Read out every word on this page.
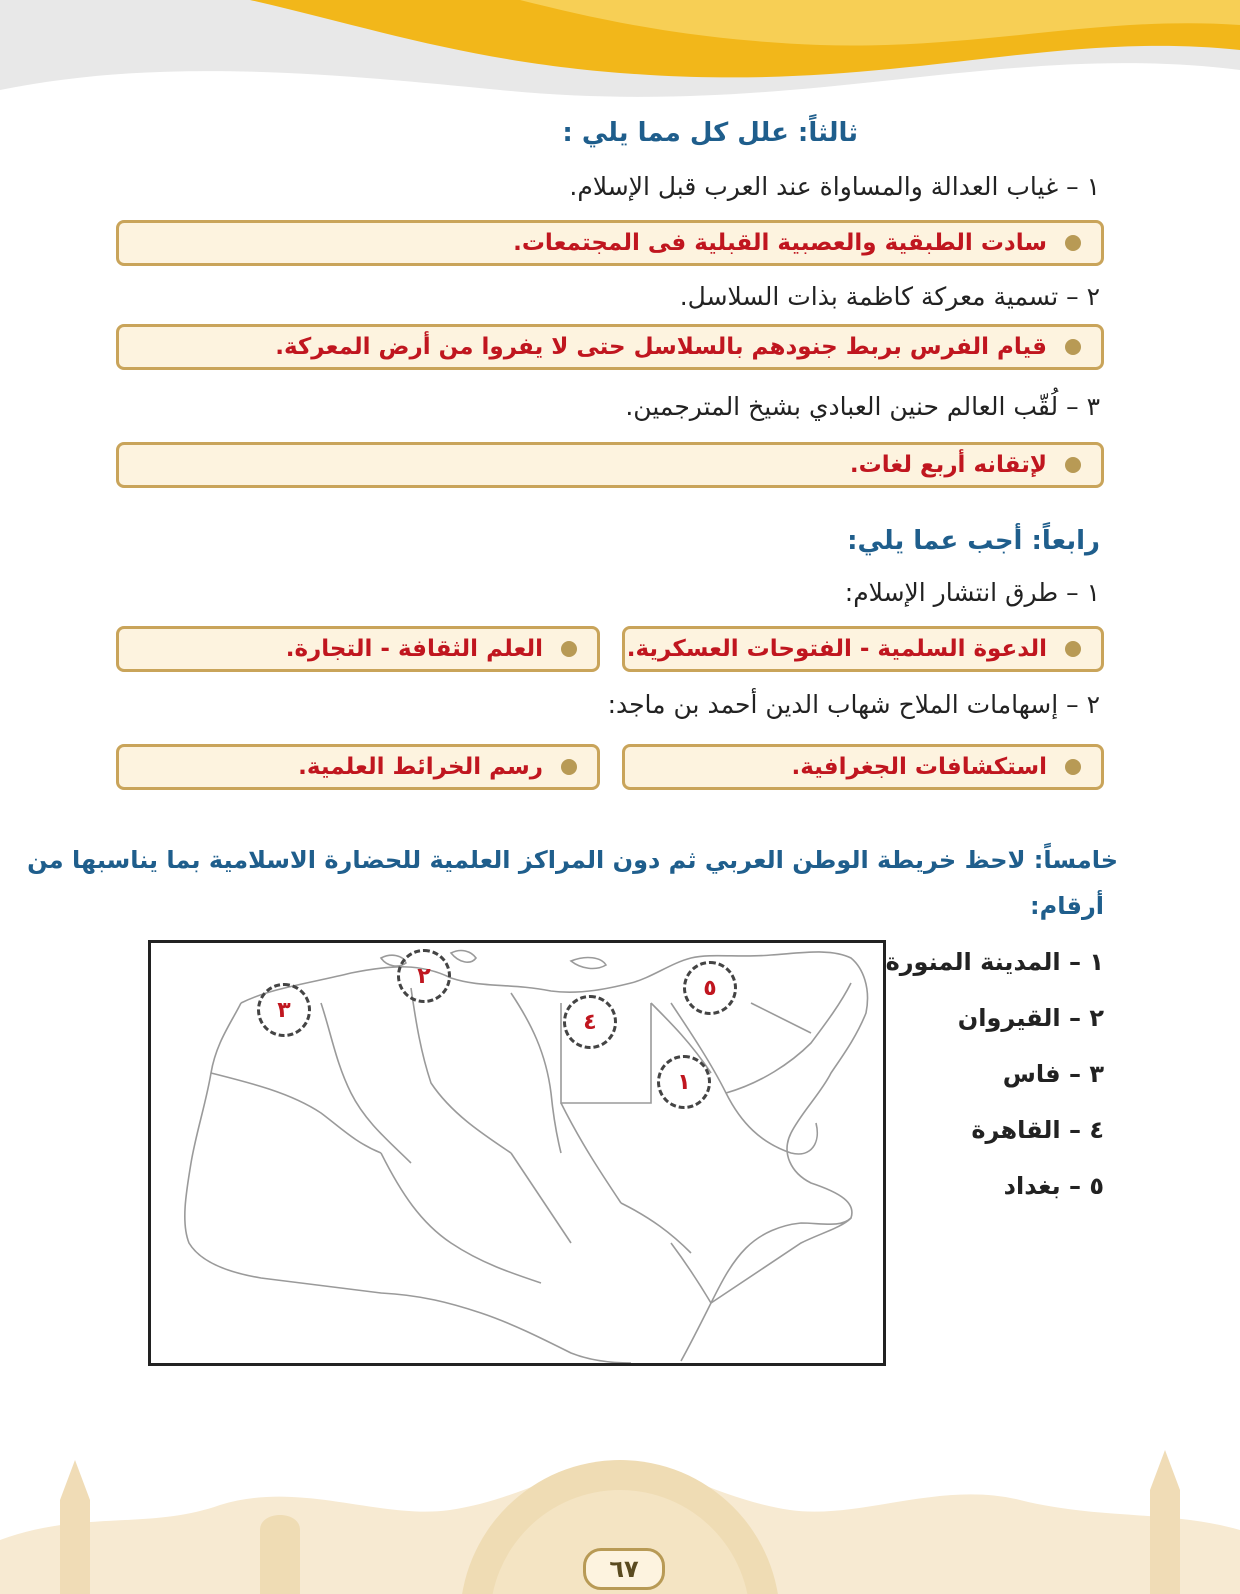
ثالثاً: علل كل مما يلي :
١ – غياب العدالة والمساواة عند العرب قبل الإسلام.
سادت الطبقية والعصبية القبلية فى المجتمعات.
٢ – تسمية معركة كاظمة بذات السلاسل.
قيام الفرس بربط جنودهم بالسلاسل حتى لا يفروا من أرض المعركة.
٣ – لُقّب العالم حنين العبادي بشيخ المترجمين.
لإتقانه أربع لغات.
رابعاً: أجب عما يلي:
١ – طرق انتشار الإسلام:
الدعوة السلمية - الفتوحات العسكرية.
العلم الثقافة - التجارة.
٢ – إسهامات الملاح شهاب الدين أحمد بن ماجد:
استكشافات الجغرافية.
رسم الخرائط العلمية.
خامساً: لاحظ خريطة الوطن العربي ثم دون المراكز العلمية للحضارة الاسلامية بما يناسبها من
أرقام:
١ – المدينة المنورة
٢ – القيروان
٣ – فاس
٤ – القاهرة
٥ – بغداد
٢
٣	٤
٥
١
٦٧
